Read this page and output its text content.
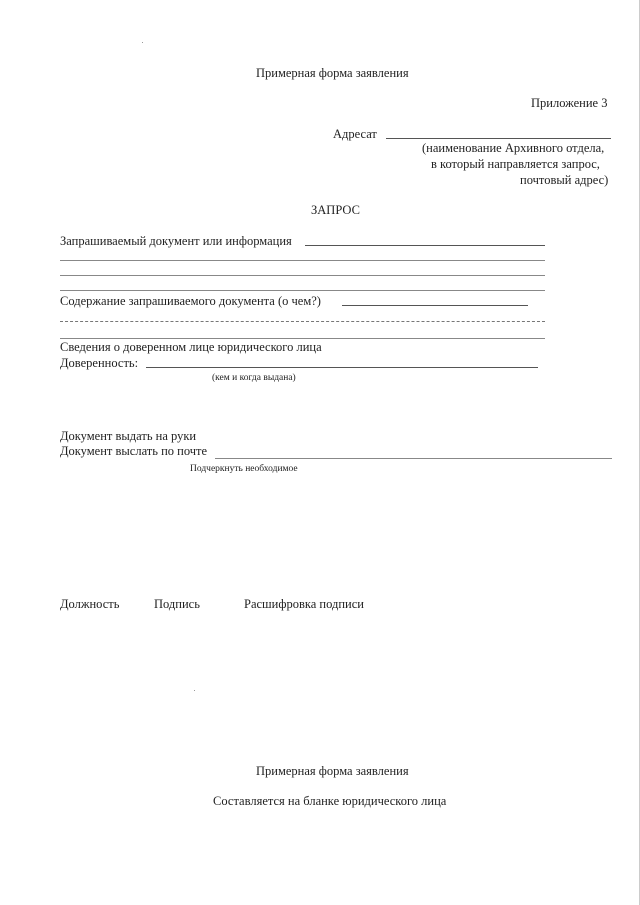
Примерная форма заявления
Приложение 3
Адресат
(наименование Архивного отдела,
в который направляется запрос,
почтовый адрес)
ЗАПРОС
Запрашиваемый документ или информация
Содержание запрашиваемого документа (о чем?)
Сведения о доверенном лице юридического лица
Доверенность:
(кем и когда выдана)
Документ выдать на руки
Документ выслать по почте
Подчеркнуть необходимое
Должность	Подпись	Расшифровка подписи
Примерная форма заявления
Составляется на бланке юридического лица
